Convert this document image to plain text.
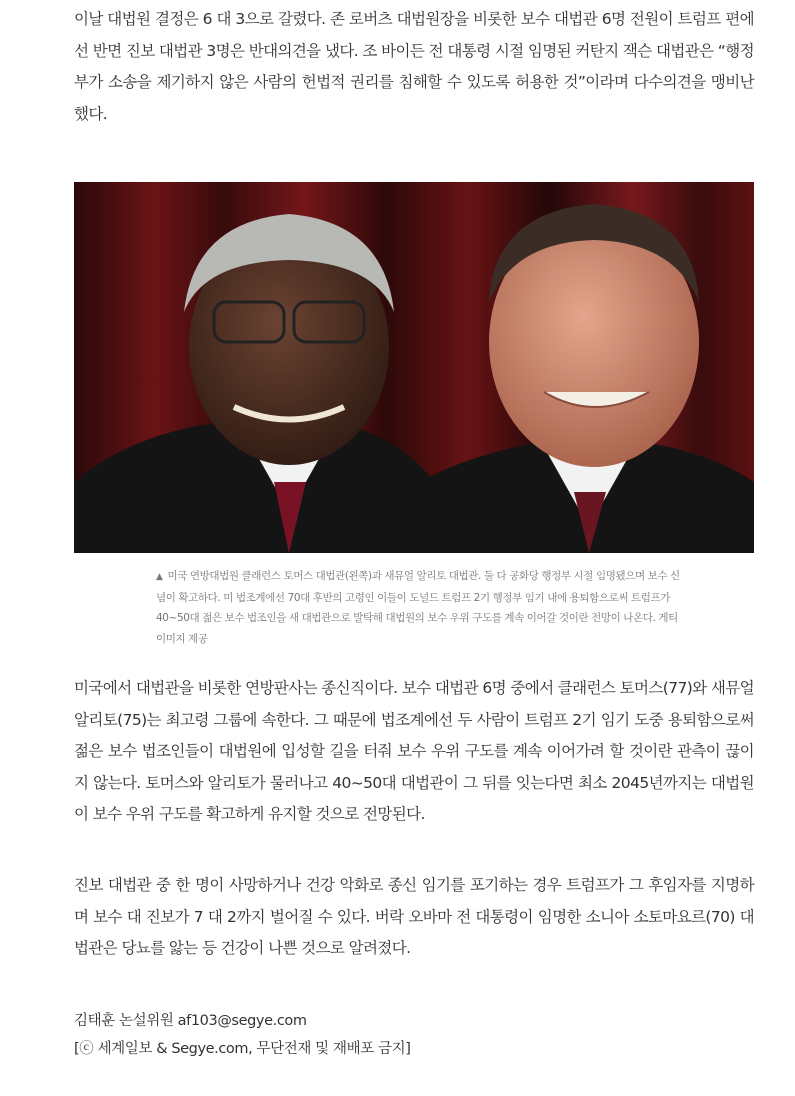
이날 대법원 결정은 6 대 3으로 갈렸다. 존 로버츠 대법원장을 비롯한 보수 대법관 6명 전원이 트럼프 편에 선 반면 진보 대법관 3명은 반대의견을 냈다. 조 바이든 전 대통령 시절 임명된 커탄지 잭슨 대법관은 “행정부가 소송을 제기하지 않은 사람의 헌법적 권리를 침해할 수 있도록 허용한 것”이라며 다수의견을 맹비난했다.

▲ 미국 연방대법원 클래런스 토머스 대법관(왼쪽)과 새뮤얼 알리토 대법관. 둘 다 공화당 행정부 시절 임명됐으며 보수 신념이 확고하다. 미 법조계에선 70대 후반의 고령인 이들이 도널드 트럼프 2기 행정부 임기 내에 용퇴함으로써 트럼프가 40~50대 젊은 보수 법조인을 새 대법관으로 발탁해 대법원의 보수 우위 구도를 계속 이어갈 것이란 전망이 나온다. 게티이미지 제공

미국에서 대법관을 비롯한 연방판사는 종신직이다. 보수 대법관 6명 중에서 클래런스 토머스(77)와 새뮤얼 알리토(75)는 최고령 그룹에 속한다. 그 때문에 법조계에선 두 사람이 트럼프 2기 임기 도중 용퇴함으로써 젊은 보수 법조인들이 대법원에 입성할 길을 터줘 보수 우위 구도를 계속 이어가려 할 것이란 관측이 끊이지 않는다. 토머스와 알리토가 물러나고 40~50대 대법관이 그 뒤를 잇는다면 최소 2045년까지는 대법원이 보수 우위 구도를 확고하게 유지할 것으로 전망된다.

진보 대법관 중 한 명이 사망하거나 건강 악화로 종신 임기를 포기하는 경우 트럼프가 그 후임자를 지명하며 보수 대 진보가 7 대 2까지 벌어질 수 있다. 버락 오바마 전 대통령이 임명한 소니아 소토마요르(70) 대법관은 당뇨를 앓는 등 건강이 나쁜 것으로 알려졌다.

김태훈 논설위원 af103@segye.com
[ⓒ 세계일보 & Segye.com, 무단전재 및 재배포 금지]
